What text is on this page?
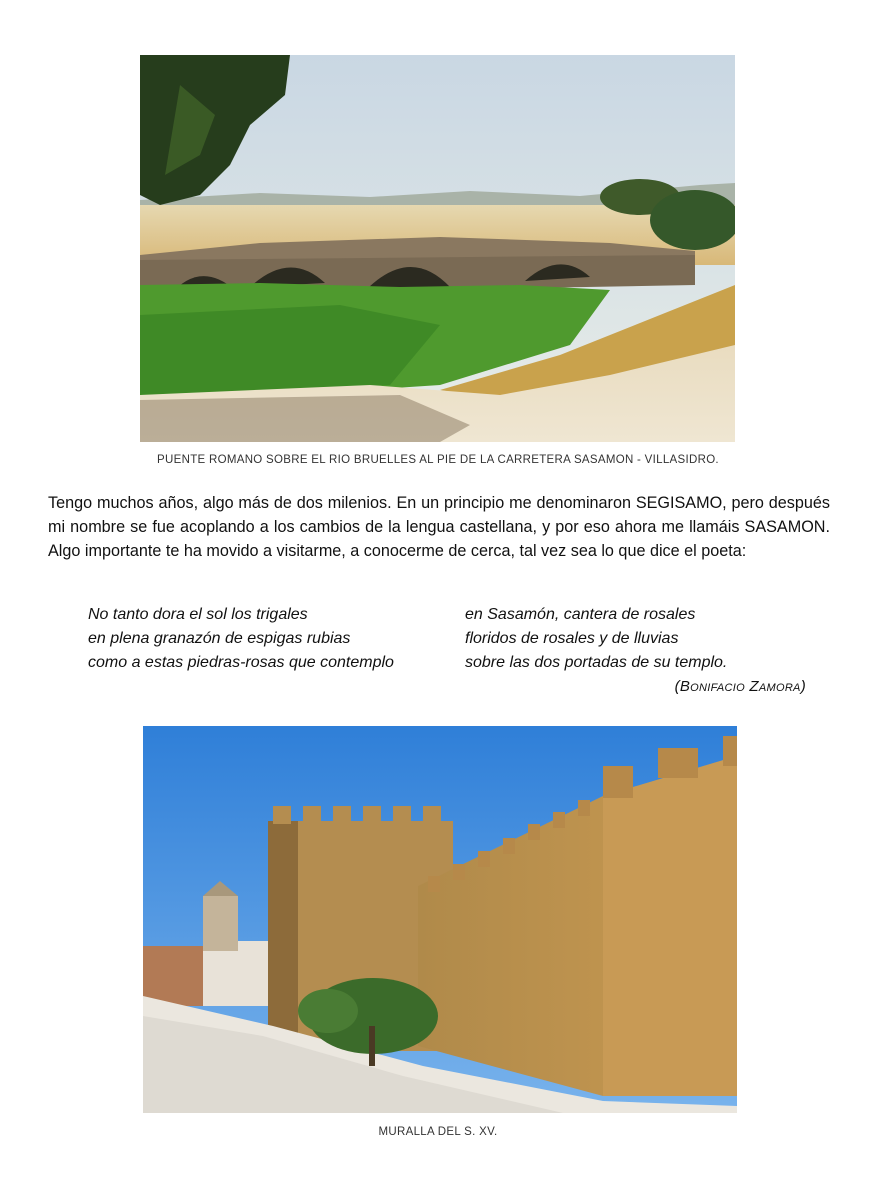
PUENTE ROMANO SOBRE EL RIO BRUELLES AL PIE DE LA CARRETERA SASAMON - VILLASIDRO.

Tengo muchos años, algo más de dos milenios. En un principio me denominaron SEGISAMO, pero después mi nombre se fue acoplando a los cambios de la lengua castellana, y por eso ahora me llamáis SASAMON. Algo importante te ha movido a visitarme, a conocerme de cerca, tal vez sea lo que dice el poeta:

No tanto dora el sol los trigales
en plena granazón de espigas rubias
como a estas piedras-rosas que contemplo
en Sasamón, cantera de rosales
floridos de rosales y de lluvias
sobre las dos portadas de su templo.
(Bonifacio Zamora)
MURALLA DEL S. XV.
